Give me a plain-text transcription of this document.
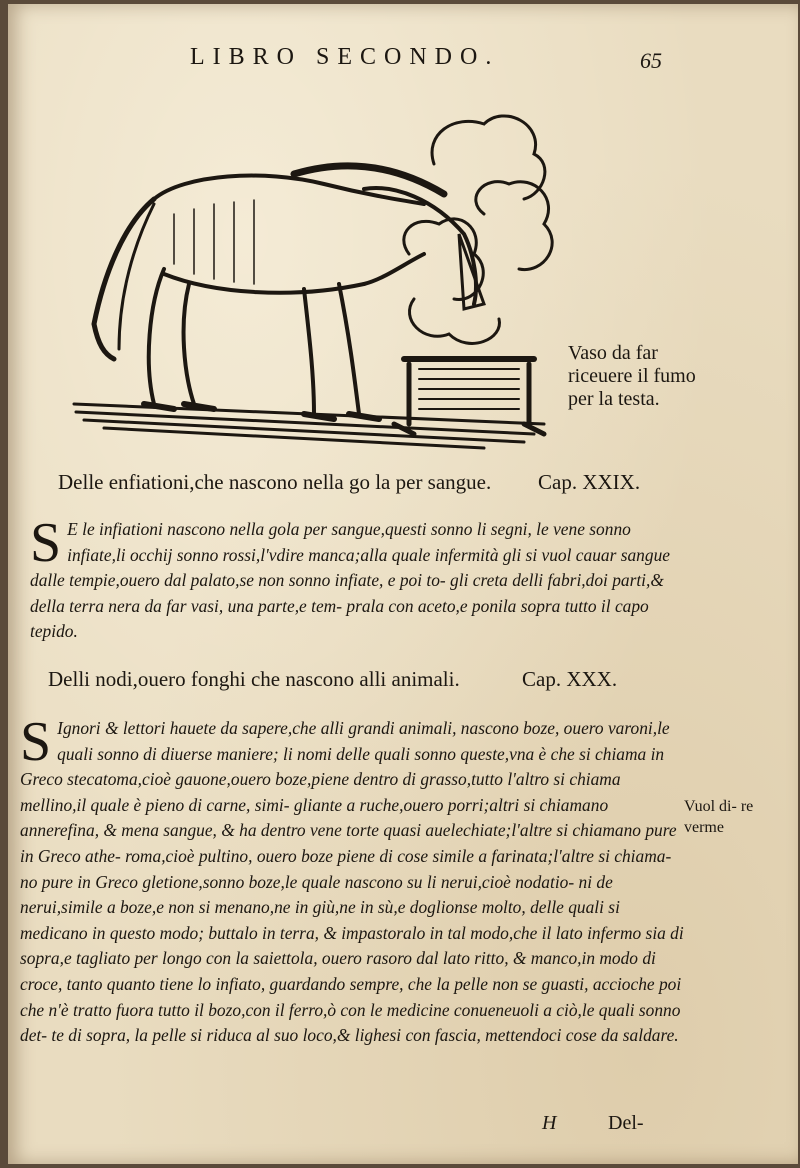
LIBRO SECONDO.	65
Vaso da far riceuere il fumo per la testa.
Delle enfiationi,che nascono nella go la per sangue. Cap. XXIX.
S E le infiationi nascono nella gola per sangue,questi sonno li segni, le vene sonno infiate,li occhij sonno rossi,l'vdire manca;alla quale infermità gli si vuol cauar sangue dalle tempie,ouero dal palato,se non sonno infiate, e poi to- gli creta delli fabri,doi parti,& della terra nera da far vasi, una parte,e tem- prala con aceto,e ponila sopra tutto il capo tepido.
Delli nodi,ouero fonghi che nascono alli animali.	Cap. XXX.
S Ignori & lettori hauete da sapere,che alli grandi animali, nascono boze, ouero varoni,le quali sonno di diuerse maniere; li nomi delle quali sonno queste,vna è che si chiama in Greco stecatoma,cioè gauone,ouero boze,piene dentro di grasso,tutto l'altro si chiama mellino,il quale è pieno di carne, simi- gliante a ruche,ouero porri;altri si chiamano annerefina, & mena sangue, & ha dentro vene torte quasi auelechiate;l'altre si chiamano pure in Greco athe- roma,cioè pultino, ouero boze piene di cose simile a farinata;l'altre si chiama- no pure in Greco gletione,sonno boze,le quale nascono su li nerui,cioè nodatio- ni de nerui,simile a boze,e non si menano,ne in giù,ne in sù,e doglionse molto, delle quali si medicano in questo modo; buttalo in terra, & impastoralo in tal modo,che il lato infermo sia di sopra,e tagliato per longo con la saiettola, ouero rasoro dal lato ritto, & manco,in modo di croce, tanto quanto tiene lo infiato, guardando sempre, che la pelle non se guasti, acciochе poi che n'è tratto fuora tutto il bozo,con il ferro,ò con le medicine conueneuoli a ciò,le quali sonno det- te di sopra, la pelle si riduca al suo loco,& lighesi con fascia, mettendoci cose da saldare.
Vuol di- re verme
H	Del-
